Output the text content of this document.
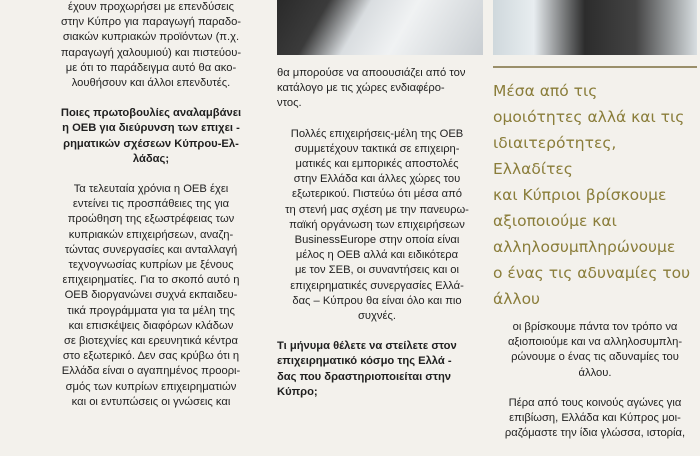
έχουν προχωρήσει με επενδύσεις
στην Κύπρο για παραγωγή παραδο-
σιακών κυπριακών προϊόντων (π.χ.
παραγωγή χαλουμιού) και πιστεύου-
με ότι το παράδειγμα αυτό θα ακο-
λουθήσουν και άλλοι επενδυτές.

Ποιες πρωτοβουλίες αναλαμβάνει
η ΟΕΒ για διεύρυνση των επιχει -
ρηματικών σχέσεων Κύπρου-Ελ-
λάδας;

Τα τελευταία χρόνια η ΟΕΒ έχει
εντείνει τις προσπάθειες της για
προώθηση της εξωστρέφειας των
κυπριακών επιχειρήσεων, αναζη-
τώντας συνεργασίες και ανταλλαγή
τεχνογνωσίας κυπρίων με ξένους
επιχειρηματίες. Για το σκοπό αυτό η
ΟΕΒ διοργανώνει συχνά εκπαιδευ-
τικά προγράμματα για τα μέλη της
και επισκέψεις διαφόρων κλάδων
σε βιοτεχνίες και ερευνητικά κέντρα
στο εξωτερικό. Δεν σας κρύβω ότι η
Ελλάδα είναι ο αγαπημένος προορι-
σμός των κυπρίων επιχειρηματιών
και οι εντυπώσεις οι γνώσεις και

θα μπορούσε να αποουσιάζει από τον
κατάλογο με τις χώρες ενδιαφέρο-
ντος.

Πολλές επιχειρήσεις-μέλη της ΟΕΒ
συμμετέχουν τακτικά σε επιχειρη-
ματικές και εμπορικές αποστολές
στην Ελλάδα και άλλες χώρες του
εξωτερικού. Πιστεύω ότι μέσα από
τη στενή μας σχέση με την πανευρω-
παϊκή οργάνωση των επιχειρήσεων
BusinessEurope στην οποία είναι
μέλος η ΟΕΒ αλλά και ειδικότερα
με τον ΣΕΒ, οι συναντήσεις και οι
επιχειρηματικές συνεργασίες Ελλά-
δας – Κύπρου θα είναι όλο και πιο
συχνές.

Τι μήνυμα θέλετε να στείλετε στον
επιχειρηματικό κόσμο της Ελλά -
δας που δραστηριοποιείται στην
Κύπρο;

Μέσα από τις
ομοιότητες αλλά και τις
ιδιαιτερότητες, Ελλαδίτες
και Κύπριοι βρίσκουμε
αξιοποιούμε και
αλληλοσυμπληρώνουμε
ο ένας τις αδυναμίες του
άλλου

οι βρίσκουμε πάντα τον τρόπο να
αξιοποιούμε και να αλληλοσυμπλη-
ρώνουμε ο ένας τις αδυναμίες του
άλλου.

Πέρα από τους κοινούς αγώνες για
επιβίωση, Ελλάδα και Κύπρος μοι-
ραζόμαστε την ίδια γλώσσα, ιστορία,
